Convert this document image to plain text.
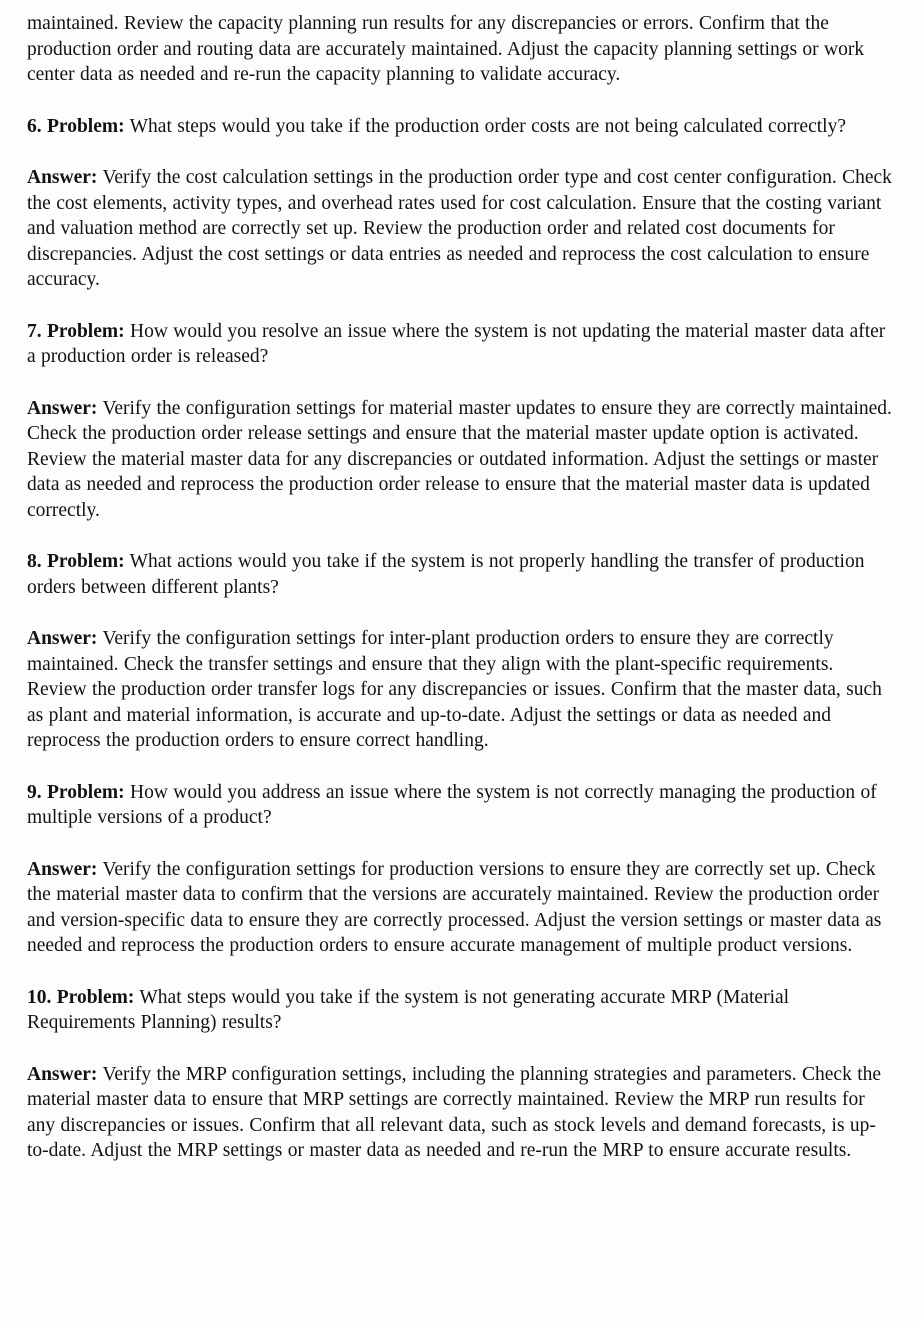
maintained. Review the capacity planning run results for any discrepancies or errors. Confirm that the production order and routing data are accurately maintained. Adjust the capacity planning settings or work center data as needed and re-run the capacity planning to validate accuracy.

6. Problem: What steps would you take if the production order costs are not being calculated correctly?

Answer: Verify the cost calculation settings in the production order type and cost center configuration. Check the cost elements, activity types, and overhead rates used for cost calculation. Ensure that the costing variant and valuation method are correctly set up. Review the production order and related cost documents for discrepancies. Adjust the cost settings or data entries as needed and reprocess the cost calculation to ensure accuracy.

7. Problem: How would you resolve an issue where the system is not updating the material master data after a production order is released?

Answer: Verify the configuration settings for material master updates to ensure they are correctly maintained. Check the production order release settings and ensure that the material master update option is activated. Review the material master data for any discrepancies or outdated information. Adjust the settings or master data as needed and reprocess the production order release to ensure that the material master data is updated correctly.

8. Problem: What actions would you take if the system is not properly handling the transfer of production orders between different plants?

Answer: Verify the configuration settings for inter-plant production orders to ensure they are correctly maintained. Check the transfer settings and ensure that they align with the plant-specific requirements. Review the production order transfer logs for any discrepancies or issues. Confirm that the master data, such as plant and material information, is accurate and up-to-date. Adjust the settings or data as needed and reprocess the production orders to ensure correct handling.

9. Problem: How would you address an issue where the system is not correctly managing the production of multiple versions of a product?

Answer: Verify the configuration settings for production versions to ensure they are correctly set up. Check the material master data to confirm that the versions are accurately maintained. Review the production order and version-specific data to ensure they are correctly processed. Adjust the version settings or master data as needed and reprocess the production orders to ensure accurate management of multiple product versions.

10. Problem: What steps would you take if the system is not generating accurate MRP (Material Requirements Planning) results?

Answer: Verify the MRP configuration settings, including the planning strategies and parameters. Check the material master data to ensure that MRP settings are correctly maintained. Review the MRP run results for any discrepancies or issues. Confirm that all relevant data, such as stock levels and demand forecasts, is up-to-date. Adjust the MRP settings or master data as needed and re-run the MRP to ensure accurate results.
